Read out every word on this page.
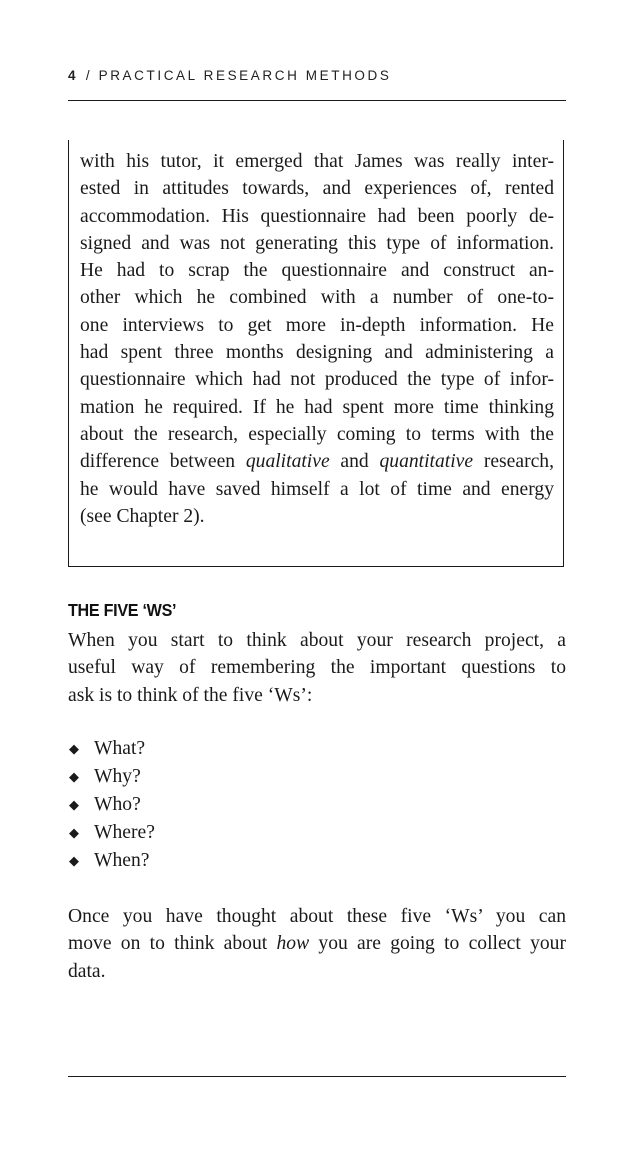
4 / PRACTICAL RESEARCH METHODS
with his tutor, it emerged that James was really inter-
ested in attitudes towards, and experiences of, rented
accommodation. His questionnaire had been poorly de-
signed and was not generating this type of information.
He had to scrap the questionnaire and construct an-
other which he combined with a number of one-to-
one interviews to get more in-depth information. He
had spent three months designing and administering a
questionnaire which had not produced the type of infor-
mation he required. If he had spent more time thinking
about the research, especially coming to terms with the
difference between qualitative and quantitative research,
he would have saved himself a lot of time and energy
(see Chapter 2).
THE FIVE ‘WS’
When you start to think about your research project, a
useful way of remembering the important questions to
ask is to think of the five ‘Ws’:
◆ What?
◆ Why?
◆ Who?
◆ Where?
◆ When?
Once you have thought about these five ‘Ws’ you can
move on to think about how you are going to collect your
data.
